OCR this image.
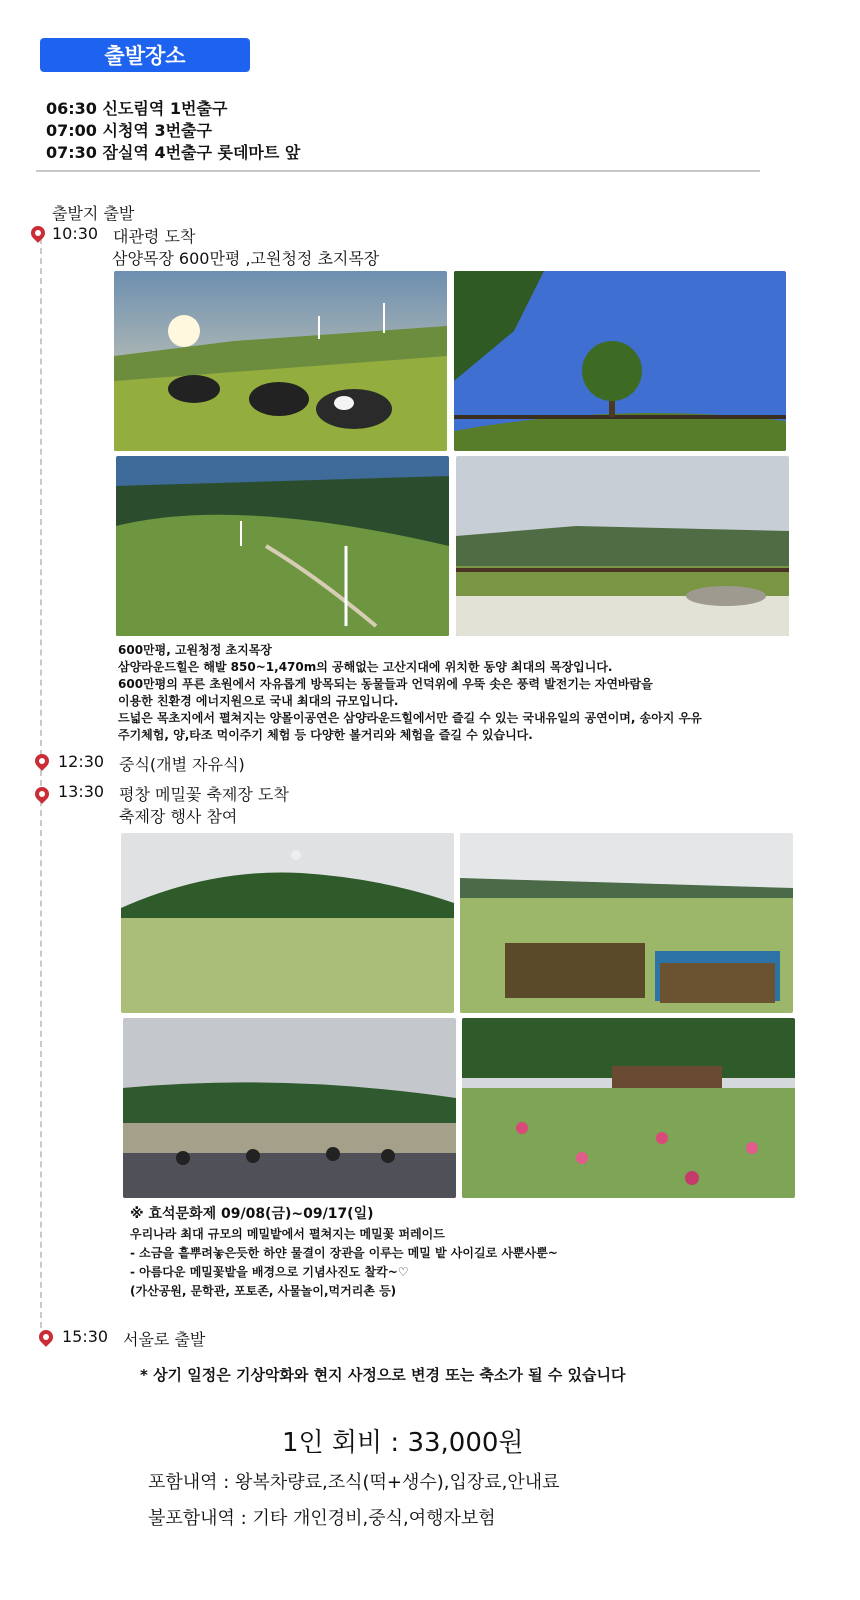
출발장소
06:30 신도림역 1번출구
07:00 시청역 3번출구
07:30 잠실역 4번출구 롯데마트 앞
출발지 출발
10:30 대관령 도착
삼양목장 600만평 ,고원청정 초지목장
600만평, 고원청정 초지목장
삼양라운드힐은 해발 850~1,470m의 공해없는 고산지대에 위치한 동양 최대의 목장입니다.
600만평의 푸른 초원에서 자유롭게 방목되는 동물들과 언덕위에 우뚝 솟은 풍력 발전기는 자연바람을
이용한 친환경 에너지원으로 국내 최대의 규모입니다.
드넓은 목초지에서 펼쳐지는 양몰이공연은 삼양라운드힐에서만 즐길 수 있는 국내유일의 공연이며, 송아지 우유
주기체험, 양,타조 먹이주기 체험 등 다양한 볼거리와 체험을 즐길 수 있습니다.
12:30 중식(개별 자유식)
13:30 평창 메밀꽃 축제장 도착
축제장 행사 참여
※ 효석문화제 09/08(금)~09/17(일)
우리나라 최대 규모의 메밀밭에서 펼쳐지는 메밀꽃 퍼레이드
- 소금을 흩뿌려놓은듯한 하얀 물결이 장관을 이루는 메밀 밭 사이길로 사뿐사뿐~
- 아름다운 메밀꽃밭을 배경으로 기념사진도 찰칵~♡
(가산공원, 문학관, 포토존, 사물놀이,먹거리촌 등)
15:30 서울로 출발
* 상기 일정은 기상악화와 현지 사정으로 변경 또는 축소가 될 수 있습니다
1인 회비 : 33,000원
포함내역 : 왕복차량료,조식(떡+생수),입장료,안내료
불포함내역 : 기타 개인경비,중식,여행자보험
